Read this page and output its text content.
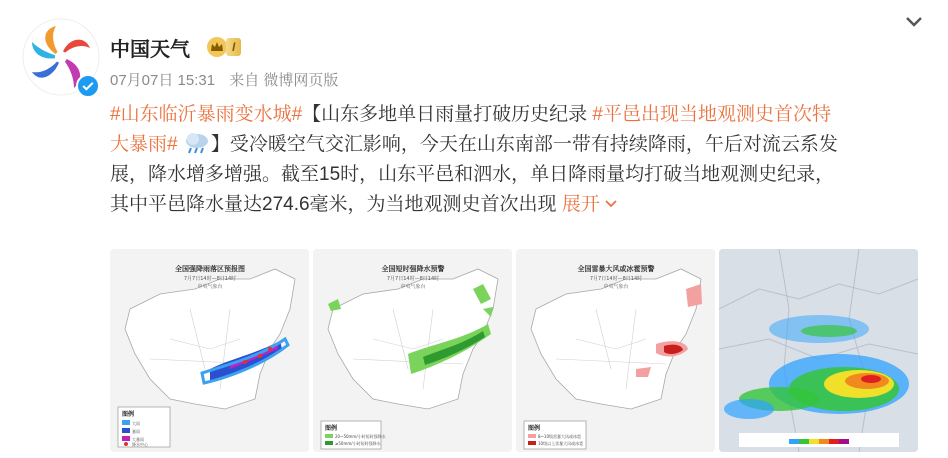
中国天气	I
07月07日 15:31 来自 微博网页版
#山东临沂暴雨变水城#【山东多地单日雨量打破历史纪录 #平邑出现当地观测史首次特
大暴雨# 】受冷暖空气交汇影响，今天在山东南部一带有持续降雨，午后对流云系发
展，降水增多增强。截至15时，山东平邑和泗水，单日降雨量均打破当地观测史纪录，
其中平邑降水量达274.6毫米，为当地观测史首次出现 展开
全国强降雨落区预报图
7月7日14时—8日14时
中央气象台
图例
大雨
暴雨
大暴雨
降水中心
全国短时强降水预警
7月7日14时—8日14时
中央气象台
图例
20~50mm/小时短时强降水
≥50mm/小时短时强降水
全国雷暴大风或冰雹预警
7月7日14时—8日14时
中央气象台
图例
8~10级雷暴大风或冰雹
10级以上雷暴大风或冰雹
